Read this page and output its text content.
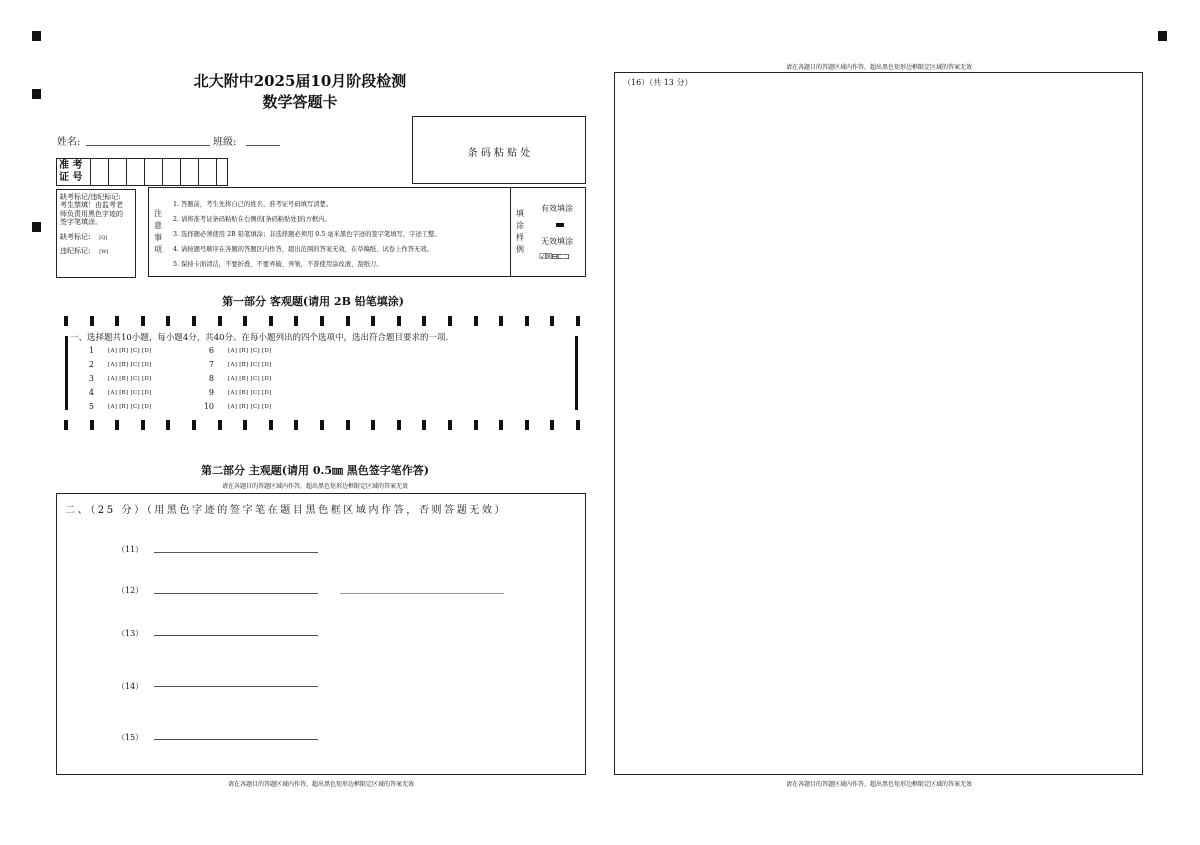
北大附中2025届10月阶段检测
数学答题卡
姓名:	班级:
准 考
证 号
条 码 粘 贴 处
缺考标记/违纪标记:
考生禁填！由监考老
师负责用黑色字迹的
签字笔填涂。
缺考标记: [Q]
违纪标记: [W]
注
意
事
项
1. 答题前，考生先将自己的姓名、准考证号码填写清楚。
2. 请将准考证条码粘贴在右侧的[条码粘贴处]的方框内。
3. 选择题必须使用 2B 铅笔填涂；非选择题必须用 0.5 毫米黑色字迹的签字笔填写，字迹工整。
4. 请按题号顺序在各题的答题区内作答，超出范围的答案无效，在草稿纸、试卷上作答无效。
5. 保持卡面清洁，不要折叠、不要弄破、弄皱，不准使用涂改液、刮纸刀。
填
涂
样
例
有效填涂
无效填涂
☑☒⊟⊏⊐
第一部分 客观题(请用 2B 铅笔填涂)
一、选择题共10小题，每小题4分，共40分。在每小题列出的四个选项中，选出符合题目要求的一项.
1	[A] [B] [C] [D]	6	[A] [B] [C] [D]
2	[A] [B] [C] [D]	7	[A] [B] [C] [D]
3	[A] [B] [C] [D]	8	[A] [B] [C] [D]
4	[A] [B] [C] [D]	9	[A] [B] [C] [D]
5	[A] [B] [C] [D]	10	[A] [B] [C] [D]
第二部分 主观题(请用 0.5㎜ 黑色签字笔作答)
请在各题目的答题区域内作答，超出黑色矩形边框限定区域的答案无效
二、（25 分）（用黑色字迹的签字笔在题目黑色框区域内作答，否则答题无效）
（11）
（12）
（13）
（14）
（15）
请在各题目的答题区域内作答，超出黑色矩形边框限定区域的答案无效
请在各题目的答题区域内作答，超出黑色矩形边框限定区域的答案无效
（16）（共 13 分）
请在各题目的答题区域内作答，超出黑色矩形边框限定区域的答案无效
